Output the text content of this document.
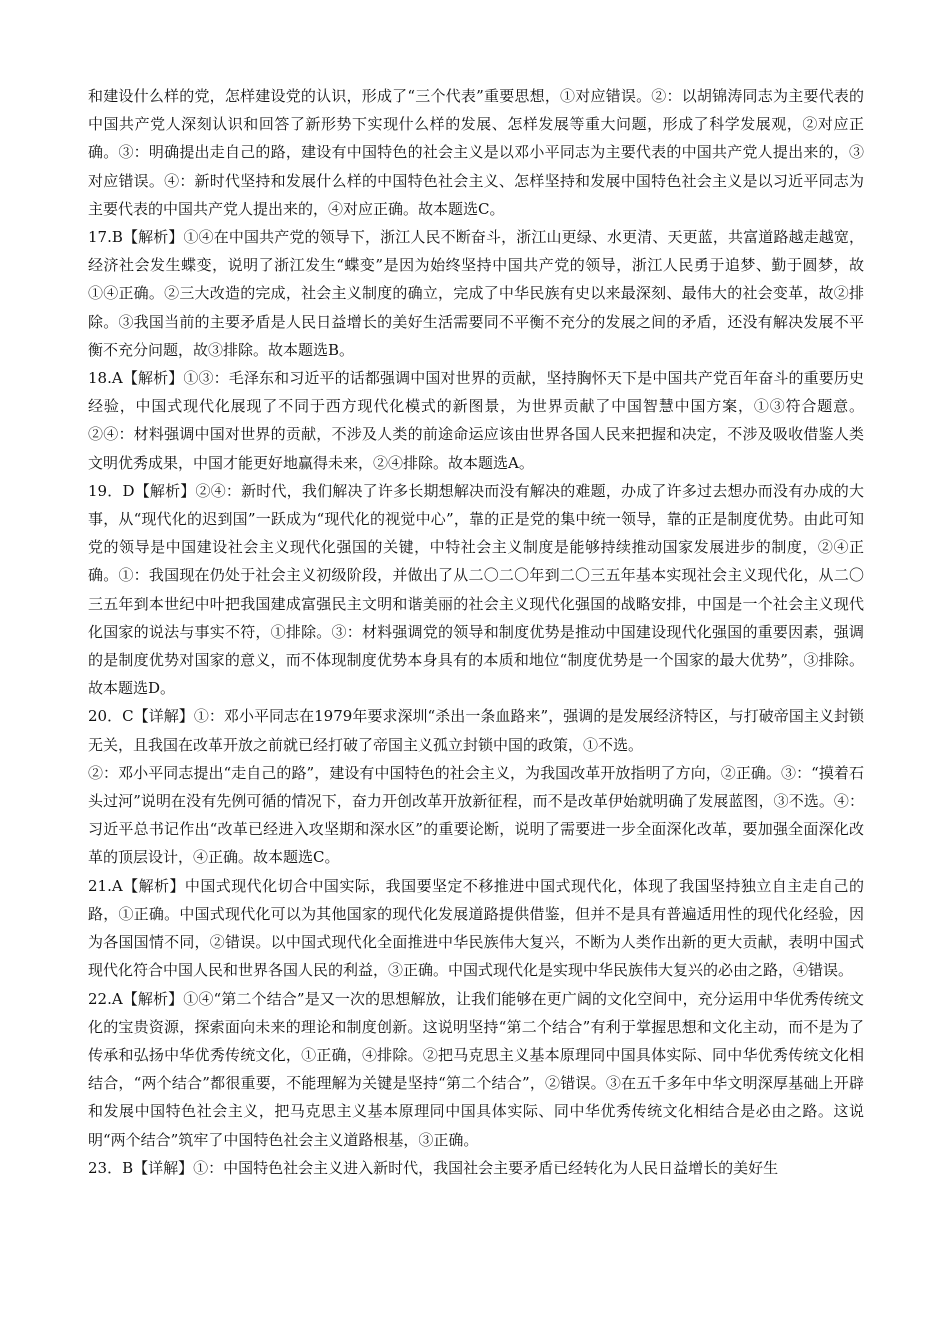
和建设什么样的党，怎样建设党的认识，形成了“三个代表”重要思想，①对应错误。②：以胡锦涛同志为主要代表的中国共产党人深刻认识和回答了新形势下实现什么样的发展、怎样发展等重大问题，形成了科学发展观，②对应正确。③：明确提出走自己的路，建设有中国特色的社会主义是以邓小平同志为主要代表的中国共产党人提出来的，③对应错误。④：新时代坚持和发展什么样的中国特色社会主义、怎样坚持和发展中国特色社会主义是以习近平同志为主要代表的中国共产党人提出来的，④对应正确。故本题选C。

17.B【解析】①④在中国共产党的领导下，浙江人民不断奋斗，浙江山更绿、水更清、天更蓝，共富道路越走越宽，经济社会发生蝶变，说明了浙江发生“蝶变”是因为始终坚持中国共产党的领导，浙江人民勇于追梦、勤于圆梦，故①④正确。②三大改造的完成，社会主义制度的确立，完成了中华民族有史以来最深刻、最伟大的社会变革，故②排除。③我国当前的主要矛盾是人民日益增长的美好生活需要同不平衡不充分的发展之间的矛盾，还没有解决发展不平衡不充分问题，故③排除。故本题选B。

18.A【解析】①③：毛泽东和习近平的话都强调中国对世界的贡献，坚持胸怀天下是中国共产党百年奋斗的重要历史经验，中国式现代化展现了不同于西方现代化模式的新图景，为世界贡献了中国智慧中国方案，①③符合题意。②④：材料强调中国对世界的贡献，不涉及人类的前途命运应该由世界各国人民来把握和决定，不涉及吸收借鉴人类文明优秀成果，中国才能更好地赢得未来，②④排除。故本题选A。

19．D【解析】②④：新时代，我们解决了许多长期想解决而没有解决的难题，办成了许多过去想办而没有办成的大事，从“现代化的迟到国”一跃成为“现代化的视觉中心”，靠的正是党的集中统一领导，靠的正是制度优势。由此可知党的领导是中国建设社会主义现代化强国的关键，中特社会主义制度是能够持续推动国家发展进步的制度，②④正确。①：我国现在仍处于社会主义初级阶段，并做出了从二〇二〇年到二〇三五年基本实现社会主义现代化，从二〇三五年到本世纪中叶把我国建成富强民主文明和谐美丽的社会主义现代化强国的战略安排，中国是一个社会主义现代化国家的说法与事实不符，①排除。③：材料强调党的领导和制度优势是推动中国建设现代化强国的重要因素，强调的是制度优势对国家的意义，而不体现制度优势本身具有的本质和地位“制度优势是一个国家的最大优势”，③排除。故本题选D。

20．C【详解】①：邓小平同志在1979年要求深圳“杀出一条血路来”，强调的是发展经济特区，与打破帝国主义封锁无关，且我国在改革开放之前就已经打破了帝国主义孤立封锁中国的政策，①不选。

②：邓小平同志提出“走自己的路”，建设有中国特色的社会主义，为我国改革开放指明了方向，②正确。③：“摸着石头过河”说明在没有先例可循的情况下，奋力开创改革开放新征程，而不是改革伊始就明确了发展蓝图，③不选。④：习近平总书记作出“改革已经进入攻坚期和深水区”的重要论断，说明了需要进一步全面深化改革，要加强全面深化改革的顶层设计，④正确。故本题选C。

21.A【解析】中国式现代化切合中国实际，我国要坚定不移推进中国式现代化，体现了我国坚持独立自主走自己的路，①正确。中国式现代化可以为其他国家的现代化发展道路提供借鉴，但并不是具有普遍适用性的现代化经验，因为各国国情不同，②错误。以中国式现代化全面推进中华民族伟大复兴，不断为人类作出新的更大贡献，表明中国式现代化符合中国人民和世界各国人民的利益，③正确。中国式现代化是实现中华民族伟大复兴的必由之路，④错误。

22.A【解析】①④“第二个结合”是又一次的思想解放，让我们能够在更广阔的文化空间中，充分运用中华优秀传统文化的宝贵资源，探索面向未来的理论和制度创新。这说明坚持“第二个结合”有利于掌握思想和文化主动，而不是为了传承和弘扬中华优秀传统文化，①正确，④排除。②把马克思主义基本原理同中国具体实际、同中华优秀传统文化相结合，“两个结合”都很重要，不能理解为关键是坚持“第二个结合”，②错误。③在五千多年中华文明深厚基础上开辟和发展中国特色社会主义，把马克思主义基本原理同中国具体实际、同中华优秀传统文化相结合是必由之路。这说明“两个结合”筑牢了中国特色社会主义道路根基，③正确。

23．B【详解】①：中国特色社会主义进入新时代，我国社会主要矛盾已经转化为人民日益增长的美好生
